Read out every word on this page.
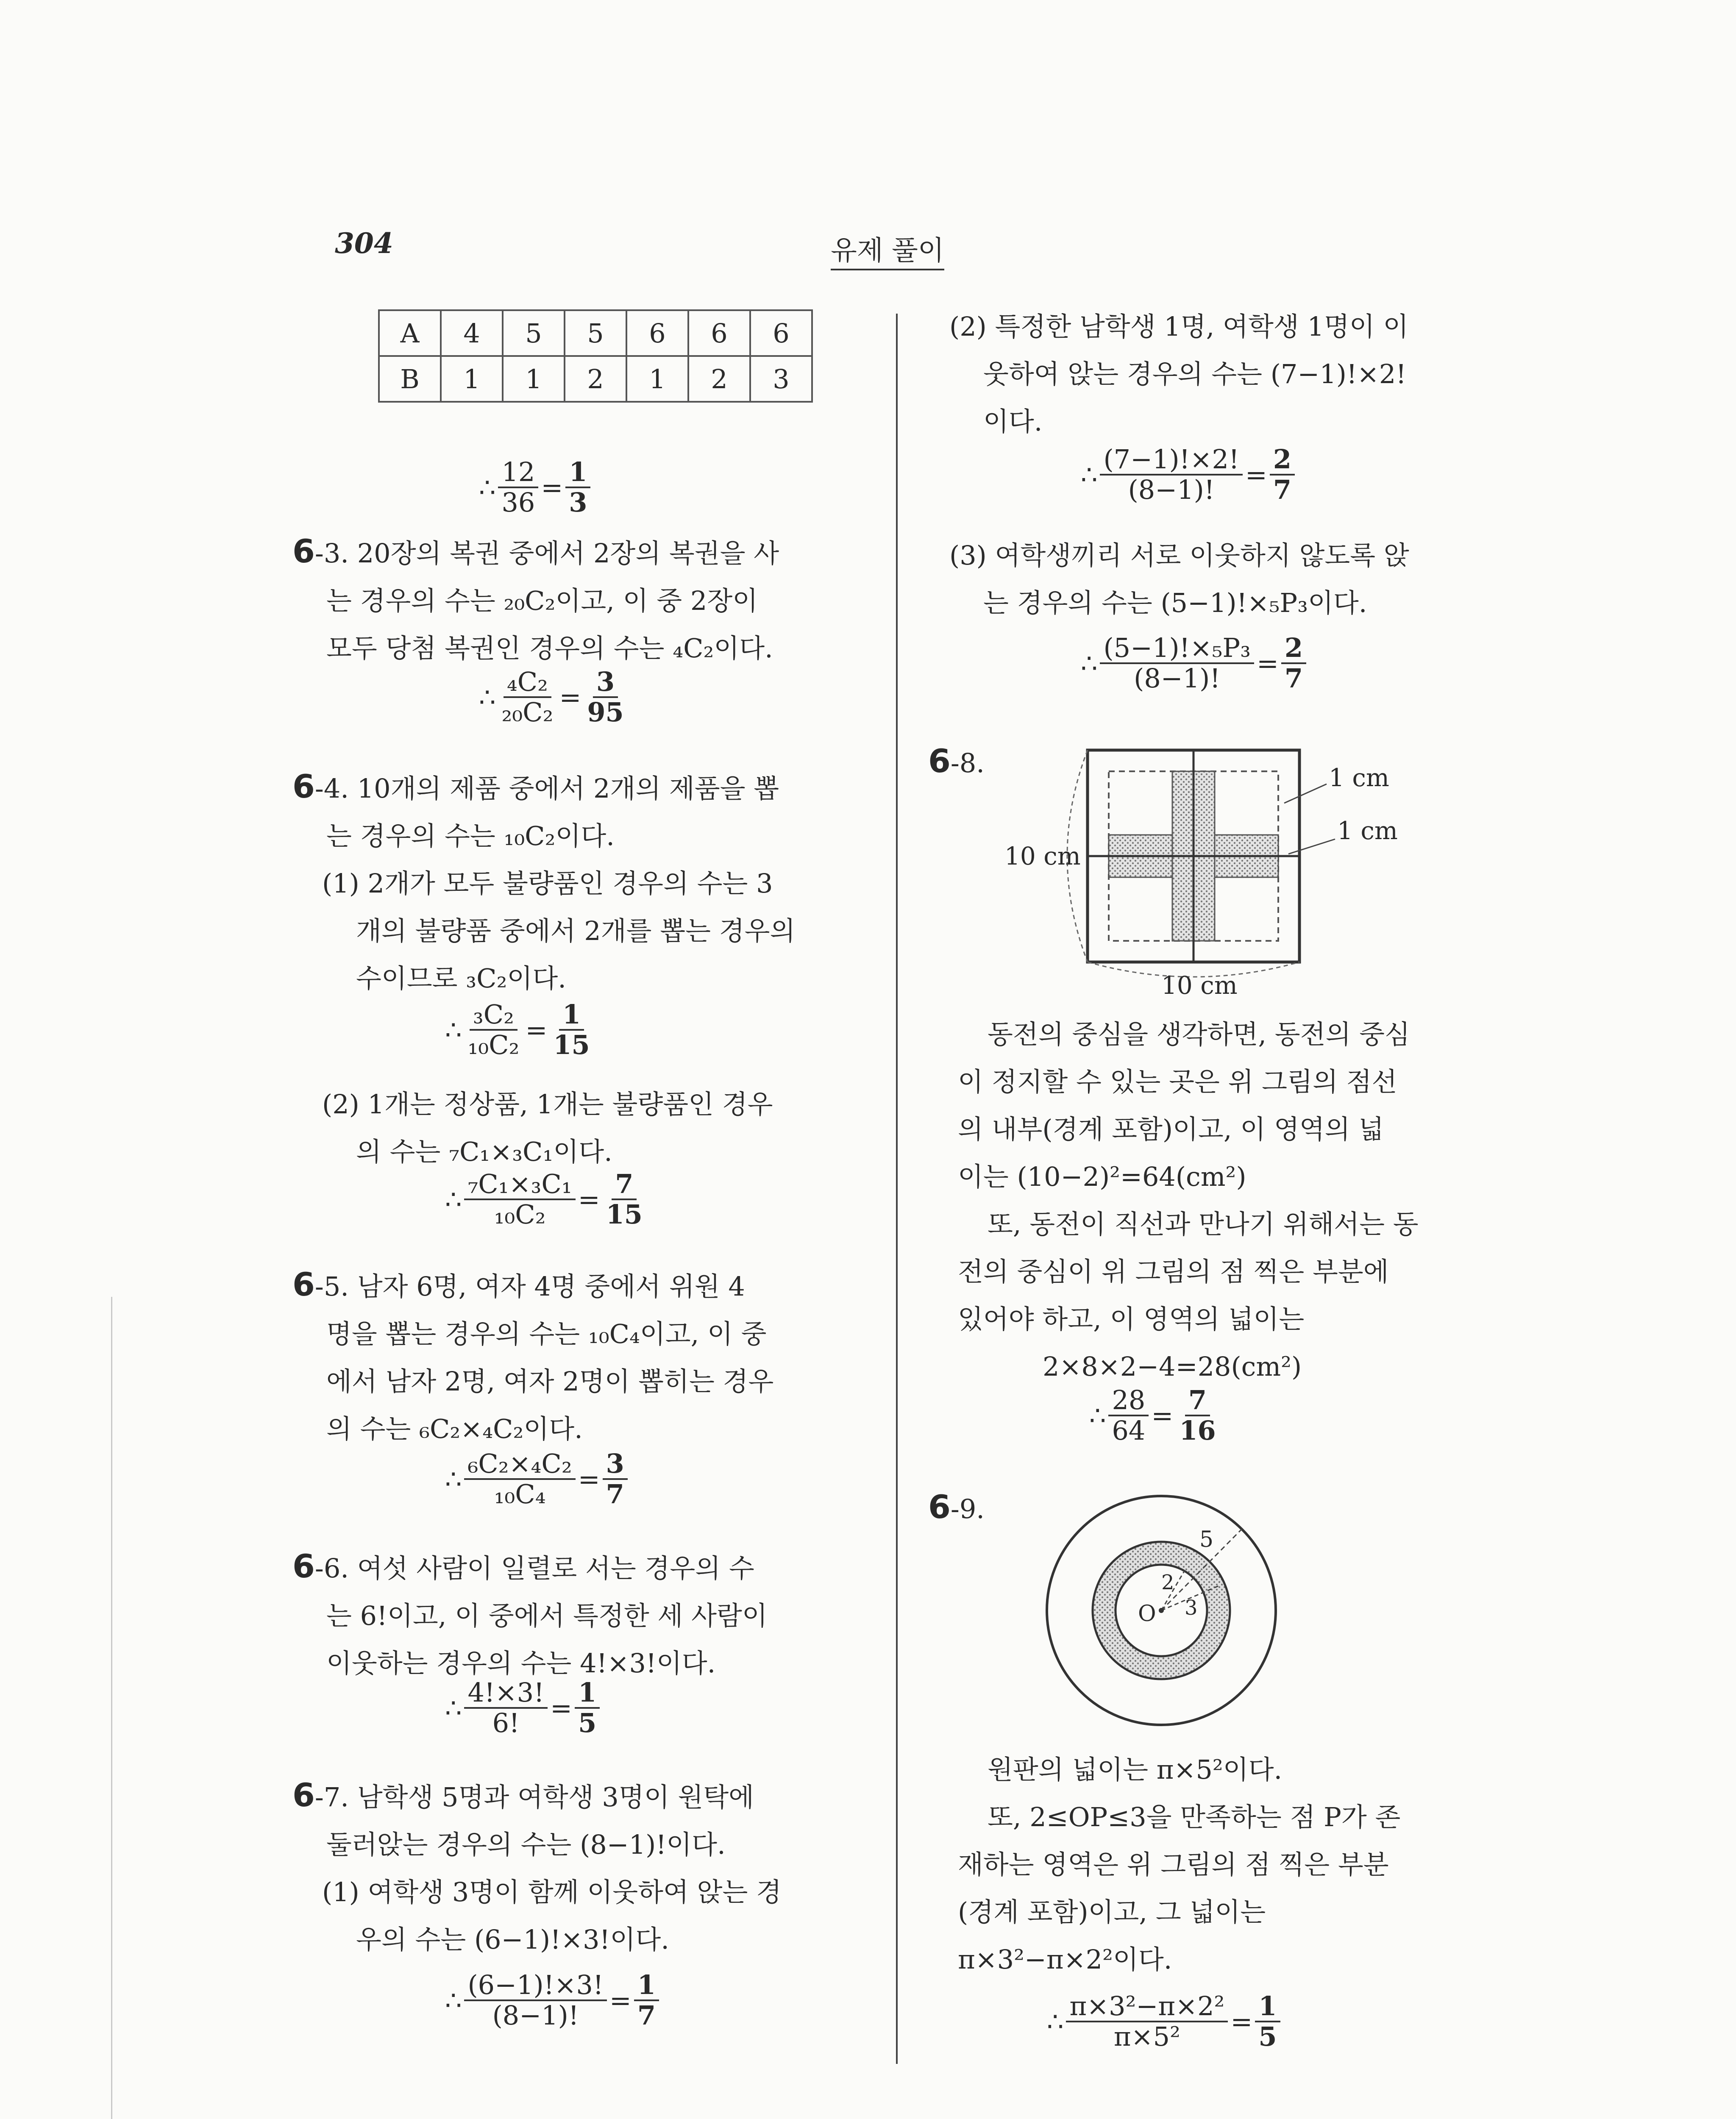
304	유제 풀이
A	4	5	5	6	6	6
B	1	1	2	1	2	3
∴ $\frac{12}{36} = \frac{1}{3}$
6-3. 20장의 복권 중에서 2장의 복권을 사
는 경우의 수는 ₂₀C₂이고, 이 중 2장이
모두 당첨 복권인 경우의 수는 ₄C₂이다.
∴ $\frac{\text{₄C₂}}{\text{₂₀C₂}} = \frac{3}{95}$
6-4. 10개의 제품 중에서 2개의 제품을 뽑
는 경우의 수는 ₁₀C₂이다.
(1) 2개가 모두 불량품인 경우의 수는 3
개의 불량품 중에서 2개를 뽑는 경우의
수이므로 ₃C₂이다.
∴ $\frac{\text{₃C₂}}{\text{₁₀C₂}} = \frac{1}{15}$
(2) 1개는 정상품, 1개는 불량품인 경우
의 수는 ₇C₁×₃C₁이다.
∴ $\frac{\text{₇C₁×₃C₁}}{\text{₁₀C₂}} = \frac{7}{15}$
6-5. 남자 6명, 여자 4명 중에서 위원 4
명을 뽑는 경우의 수는 ₁₀C₄이고, 이 중
에서 남자 2명, 여자 2명이 뽑히는 경우
의 수는 ₆C₂×₄C₂이다.
∴ $\frac{\text{₆C₂×₄C₂}}{\text{₁₀C₄}} = \frac{3}{7}$
6-6. 여섯 사람이 일렬로 서는 경우의 수
는 6!이고, 이 중에서 특정한 세 사람이
이웃하는 경우의 수는 4!×3!이다.
∴ $\frac{4!\times 3!}{6!} = \frac{1}{5}$
6-7. 남학생 5명과 여학생 3명이 원탁에
둘러앉는 경우의 수는 (8−1)!이다.
(1) 여학생 3명이 함께 이웃하여 앉는 경
우의 수는 (6−1)!×3!이다.
∴ $\frac{(6-1)!\times 3!}{(8-1)!} = \frac{1}{7}$
(2) 특정한 남학생 1명, 여학생 1명이 이
웃하여 앉는 경우의 수는 (7−1)!×2!
이다.
∴ $\frac{(7-1)!\times 2!}{(8-1)!} = \frac{2}{7}$
(3) 여학생끼리 서로 이웃하지 않도록 앉
는 경우의 수는 (5−1)!×₅P₃이다.
∴ $\frac{\text{(5−1)!×₅P₃}}{(8-1)!} = \frac{2}{7}$
6-8.	1 cm
1 cm
10 cm
10 cm
동전의 중심을 생각하면, 동전의 중심
이 정지할 수 있는 곳은 위 그림의 점선
의 내부(경계 포함)이고, 이 영역의 넓
이는 (10−2)²=64(cm²)
또, 동전이 직선과 만나기 위해서는 동
전의 중심이 위 그림의 점 찍은 부분에
있어야 하고, 이 영역의 넓이는
2×8×2−4=28(cm²)
∴ $\frac{28}{64} = \frac{7}{16}$
6-9.
5
2
3
O
원판의 넓이는 π×5²이다.
또, 2≤OP≤3을 만족하는 점 P가 존
재하는 영역은 위 그림의 점 찍은 부분
(경계 포함)이고, 그 넓이는
π×3²−π×2²이다.
∴ $\frac{\text{π×3²−π×2²}}{\text{π×5²}} = \frac{1}{5}$
